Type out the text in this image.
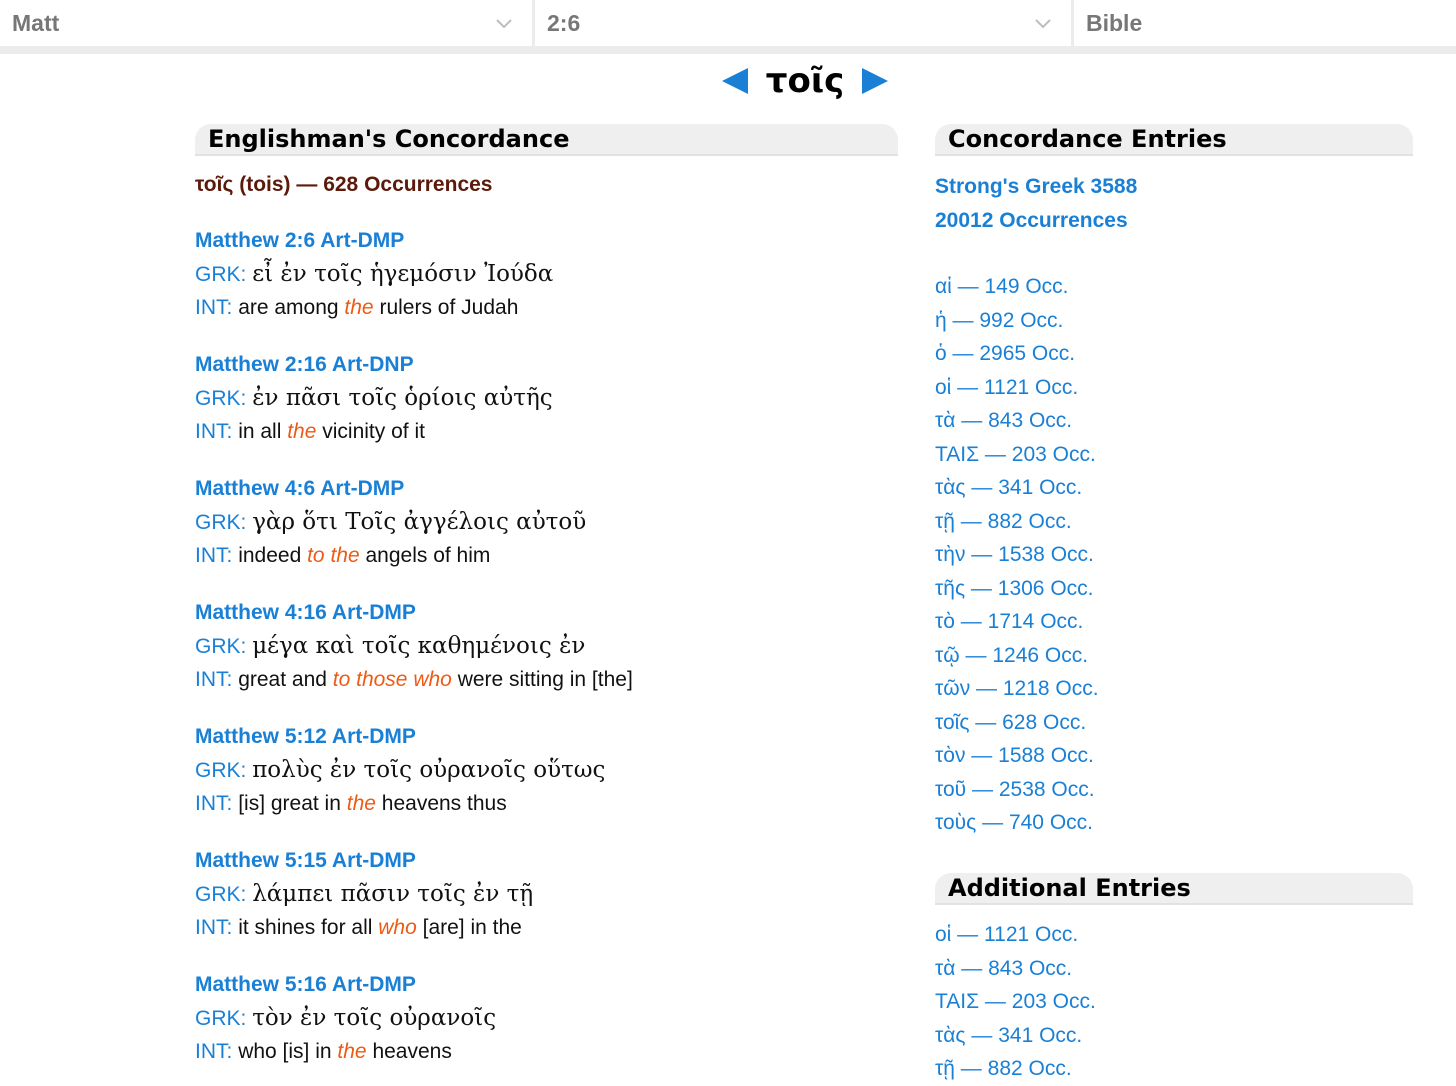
Matt	2:6	Bible
τοῖς
Englishman's Concordance
τοῖς (tois) — 628 Occurrences
Matthew 2:6 Art-DMP
GRK: εἶ ἐν τοῖς ἡγεμόσιν Ἰούδα
INT: are among the rulers of Judah
Matthew 2:16 Art-DNP
GRK: ἐν πᾶσι τοῖς ὁρίοις αὐτῆς
INT: in all the vicinity of it
Matthew 4:6 Art-DMP
GRK: γὰρ ὅτι Τοῖς ἀγγέλοις αὐτοῦ
INT: indeed to the angels of him
Matthew 4:16 Art-DMP
GRK: μέγα καὶ τοῖς καθημένοις ἐν
INT: great and to those who were sitting in [the]
Matthew 5:12 Art-DMP
GRK: πολὺς ἐν τοῖς οὐρανοῖς οὕτως
INT: [is] great in the heavens thus
Matthew 5:15 Art-DMP
GRK: λάμπει πᾶσιν τοῖς ἐν τῇ
INT: it shines for all who [are] in the
Matthew 5:16 Art-DMP
GRK: τὸν ἐν τοῖς οὐρανοῖς
INT: who [is] in the heavens
Concordance Entries
Strong's Greek 3588
20012 Occurrences
αἱ — 149 Occ.
ἡ — 992 Occ.
ὁ — 2965 Occ.
οἱ — 1121 Occ.
τὰ — 843 Occ.
ΤΑΙΣ — 203 Occ.
τὰς — 341 Occ.
τῇ — 882 Occ.
τὴν — 1538 Occ.
τῆς — 1306 Occ.
τὸ — 1714 Occ.
τῷ — 1246 Occ.
τῶν — 1218 Occ.
τοῖς — 628 Occ.
τὸν — 1588 Occ.
τοῦ — 2538 Occ.
τοὺς — 740 Occ.
Additional Entries
οἱ — 1121 Occ.
τὰ — 843 Occ.
ΤΑΙΣ — 203 Occ.
τὰς — 341 Occ.
τῇ — 882 Occ.
